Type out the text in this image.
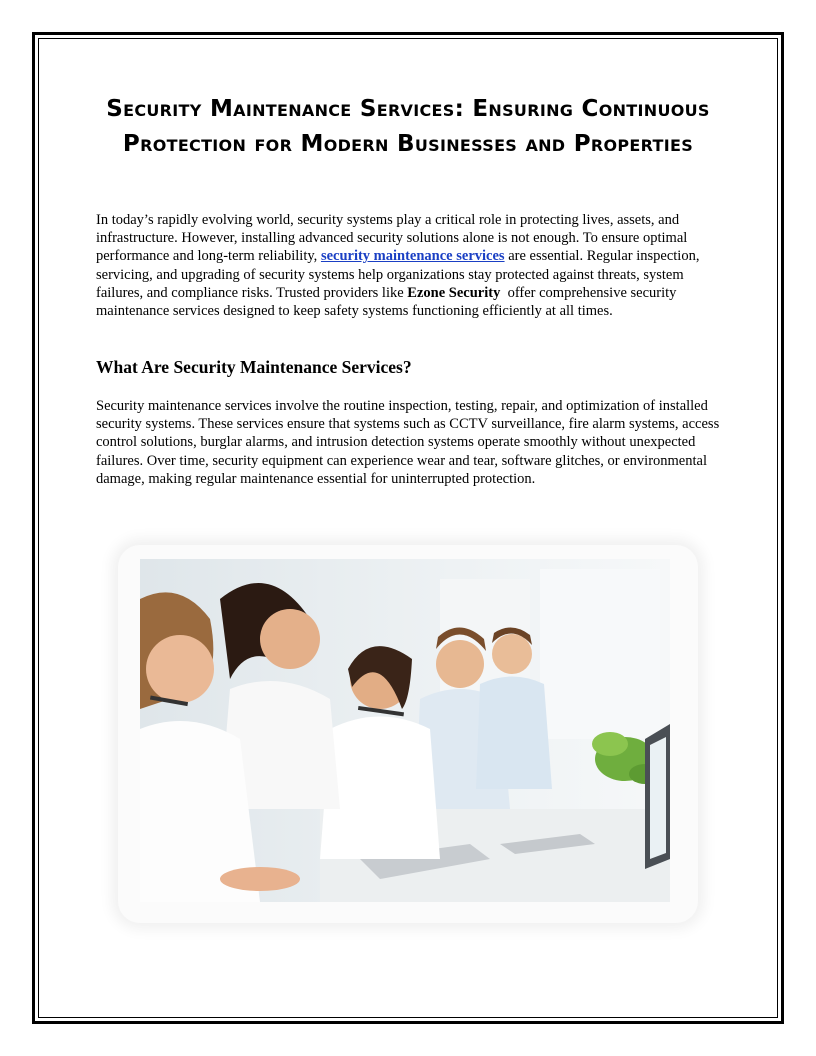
Security Maintenance Services: Ensuring Continuous Protection for Modern Businesses and Properties

In today’s rapidly evolving world, security systems play a critical role in protecting lives, assets, and infrastructure. However, installing advanced security solutions alone is not enough. To ensure optimal performance and long-term reliability, security maintenance services are essential. Regular inspection, servicing, and upgrading of security systems help organizations stay protected against threats, system failures, and compliance risks. Trusted providers like Ezone Security  offer comprehensive security maintenance services designed to keep safety systems functioning efficiently at all times.

What Are Security Maintenance Services?

Security maintenance services involve the routine inspection, testing, repair, and optimization of installed security systems. These services ensure that systems such as CCTV surveillance, fire alarm systems, access control solutions, burglar alarms, and intrusion detection systems operate smoothly without unexpected failures. Over time, security equipment can experience wear and tear, software glitches, or environmental damage, making regular maintenance essential for uninterrupted protection.
